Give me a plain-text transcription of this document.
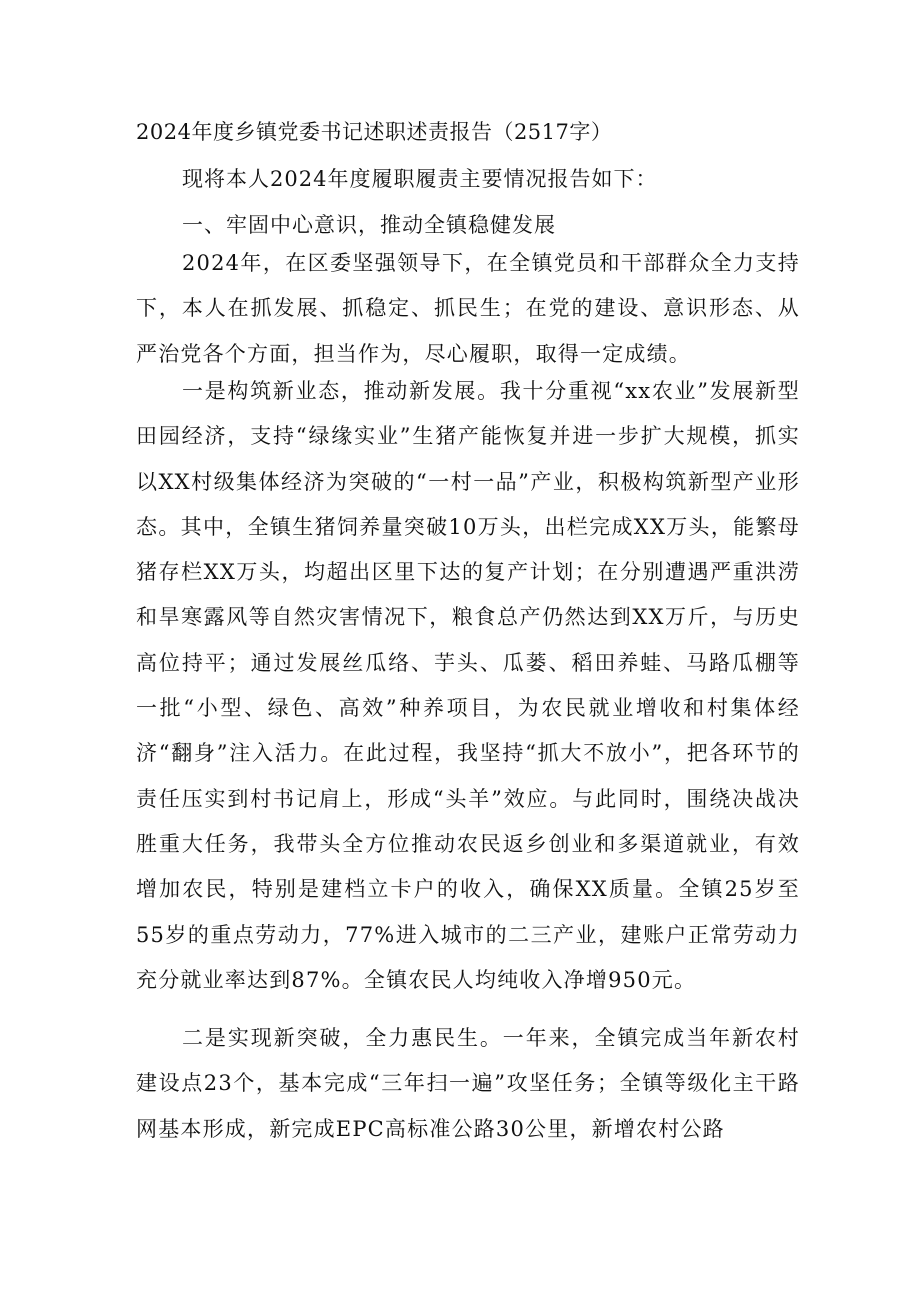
2024年度乡镇党委书记述职述责报告（2517字）
现将本人2024年度履职履责主要情况报告如下：
一、牢固中心意识，推动全镇稳健发展

2024年，在区委坚强领导下，在全镇党员和干部群众全力支持下，本人在抓发展、抓稳定、抓民生；在党的建设、意识形态、从严治党各个方面，担当作为，尽心履职，取得一定成绩。

一是构筑新业态，推动新发展。我十分重视“xx农业”发展新型田园经济，支持“绿缘实业”生猪产能恢复并进一步扩大规模，抓实以XX村级集体经济为突破的“一村一品”产业，积极构筑新型产业形态。其中，全镇生猪饲养量突破10万头，出栏完成XX万头，能繁母猪存栏XX万头，均超出区里下达的复产计划；在分别遭遇严重洪涝和旱寒露风等自然灾害情况下，粮食总产仍然达到XX万斤，与历史高位持平；通过发展丝瓜络、芋头、瓜蒌、稻田养蛙、马路瓜棚等一批“小型、绿色、高效”种养项目，为农民就业增收和村集体经济“翻身”注入活力。在此过程，我坚持“抓大不放小”，把各环节的责任压实到村书记肩上，形成“头羊”效应。与此同时，围绕决战决胜重大任务，我带头全方位推动农民返乡创业和多渠道就业，有效增加农民，特别是建档立卡户的收入，确保XX质量。全镇25岁至55岁的重点劳动力，77%进入城市的二三产业，建账户正常劳动力充分就业率达到87%。全镇农民人均纯收入净增950元。

二是实现新突破，全力惠民生。一年来，全镇完成当年新农村建设点23个，基本完成“三年扫一遍”攻坚任务；全镇等级化主干路网基本形成，新完成EPC高标准公路30公里，新增农村公路
